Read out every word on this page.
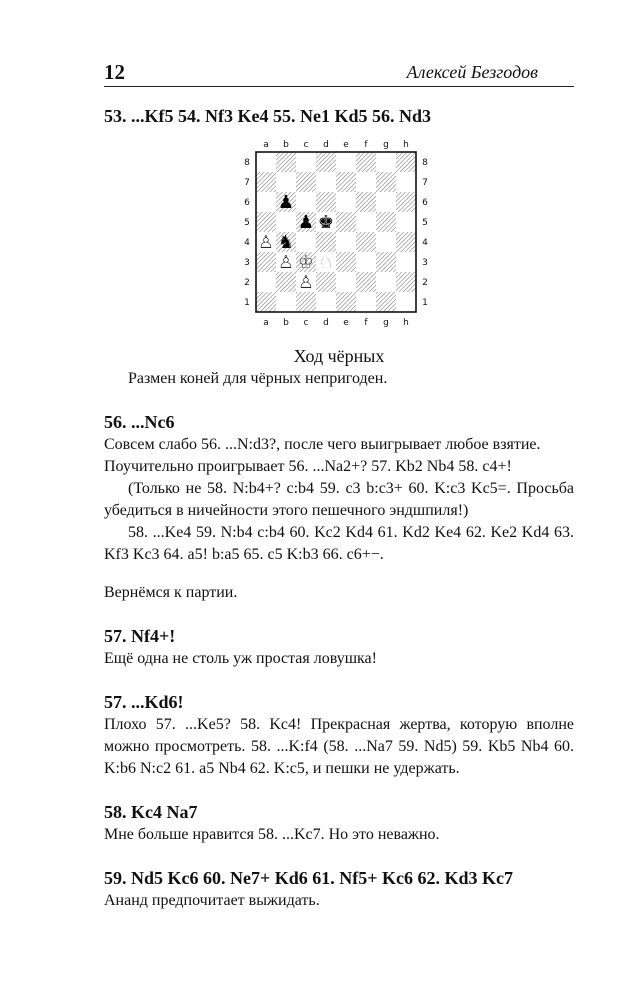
12	Алексей Безгодов

53. ...Kf5 54. Nf3 Ke4 55. Ne1 Kd5 56. Nd3

a
a
b
b
c
c
d
d
e
e
f
f
g
g
h
h
8	8
7	7
6	6
5	5
4	4
3	3
2	2
1	1
♟
♟ ♚
♞
♙
♙ ♔ ♘
♙
Ход чёрных

Размен коней для чёрных непригоден.

56. ...Nc6

Совсем слабо 56. ...N:d3?, после чего выигрывает любое взятие.

Поучительно проигрывает 56. ...Na2+? 57. Kb2 Nb4 58. c4+!

(Только не 58. N:b4+? c:b4 59. c3 b:c3+ 60. K:c3 Kc5=. Просьба убедиться в ничейности этого пешечного эндшпиля!)

58. ...Ke4 59. N:b4 c:b4 60. Kc2 Kd4 61. Kd2 Ke4 62. Ke2 Kd4 63. Kf3 Kc3 64. a5! b:a5 65. c5 K:b3 66. c6+−.

Вернёмся к партии.

57. Nf4+!

Ещё одна не столь уж простая ловушка!

57. ...Kd6!

Плохо 57. ...Ke5? 58. Kc4! Прекрасная жертва, которую вполне можно просмотреть. 58. ...K:f4 (58. ...Na7 59. Nd5) 59. Kb5 Nb4 60. K:b6 N:c2 61. a5 Nb4 62. K:c5, и пешки не удержать.

58. Kc4 Na7

Мне больше нравится 58. ...Kc7. Но это неважно.

59. Nd5 Kc6 60. Ne7+ Kd6 61. Nf5+ Kc6 62. Kd3 Kc7

Ананд предпочитает выжидать.
